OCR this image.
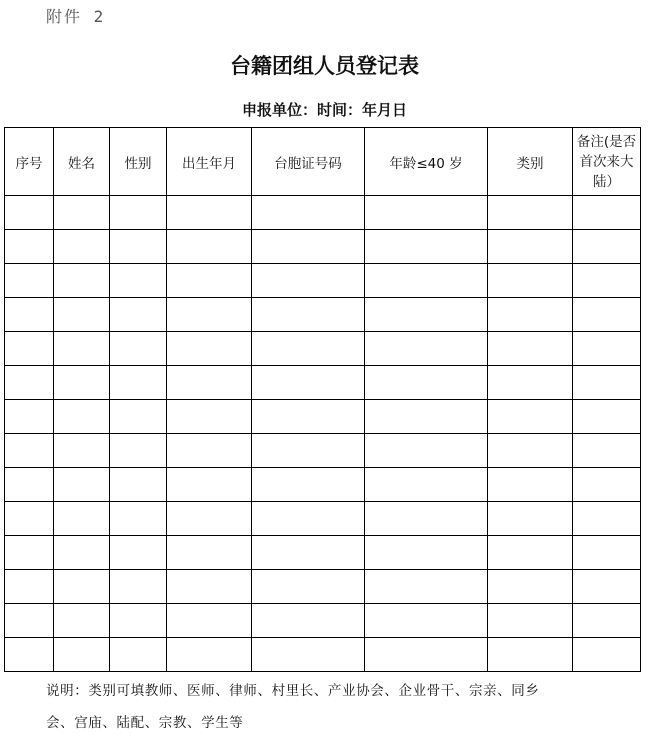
附件 2
台籍团组人员登记表
申报单位：时间：年月日
序号	姓名	性别	出生年月	台胞证号码	年龄≤40 岁	类别	备注(是否首次来大陆）

说明：类别可填教师、医师、律师、村里长、产业协会、企业骨干、宗亲、同乡
会、宫庙、陆配、宗教、学生等
